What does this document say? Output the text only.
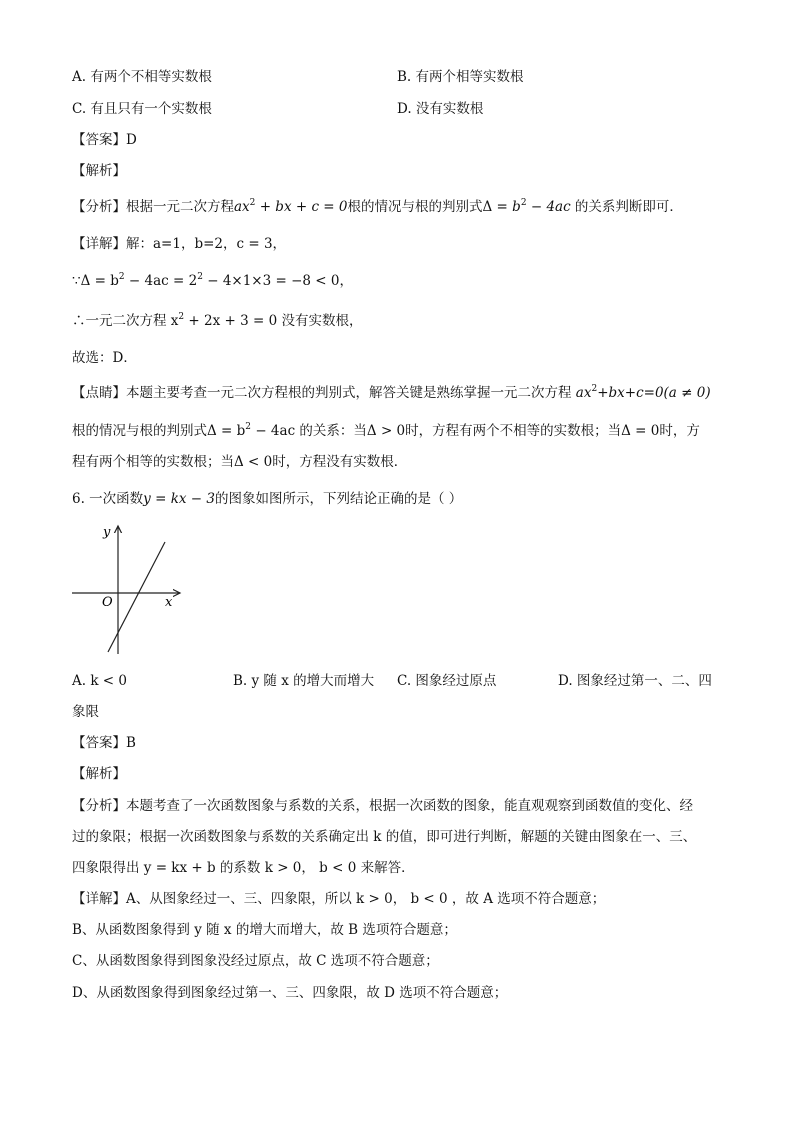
A. 有两个不相等实数根	B. 有两个相等实数根
C. 有且只有一个实数根	D. 没有实数根
【答案】D
【解析】
【分析】根据一元二次方程$ax^2$ + bx + c = 0根的情况与根的判别式$\Delta = b^2 - 4ac$ 的关系判断即可．
【详解】解：a=1，b=2，c = 3，
∵Δ = $b^2 - 4ac = 2^2 - 4\times 1\times 3 = -8 < 0$，
∴一元二次方程 $x^2 + 2x + 3 = 0$ 没有实数根，
故选：D．
【点睛】本题主要考查一元二次方程根的判别式，解答关键是熟练掌握一元二次方程 $ax^2+bx+c=0(a \ne 0)$
根的情况与根的判别式$\Delta = b^2 - 4ac$ 的关系：当Δ > 0时，方程有两个不相等的实数根；当Δ = 0时，方
程有两个相等的实数根；当Δ < 0时，方程没有实数根．
6. 一次函数y = kx − 3的图象如图所示，下列结论正确的是（ ）
y
x
O
A. k < 0	B. y 随 x 的增大而增大 C. 图象经过原点	D. 图象经过第一、二、四
象限
【答案】B
【解析】
【分析】本题考查了一次函数图象与系数的关系，根据一次函数的图象，能直观观察到函数值的变化、经
过的象限；根据一次函数图象与系数的关系确定出 k 的值，即可进行判断，解题的关键由图象在一、三、
四象限得出 y = kx + b 的系数 k > 0， b < 0 来解答．
【详解】A、从图象经过一、三、四象限，所以 k > 0， b < 0 ，故 A 选项不符合题意；
B、从函数图象得到 y 随 x 的增大而增大，故 B 选项符合题意；
C、从函数图象得到图象没经过原点，故 C 选项不符合题意；
D、从函数图象得到图象经过第一、三、四象限，故 D 选项不符合题意；
